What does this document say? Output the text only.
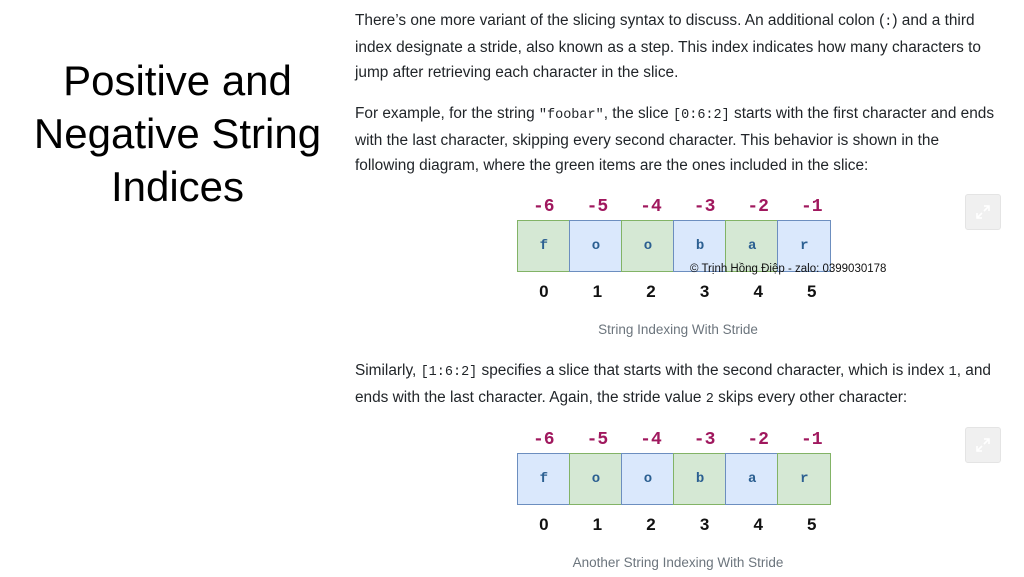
Positive and
Negative String
Indices

There’s one more variant of the slicing syntax to discuss. An additional colon (:) and a third index designate a stride, also known as a step. This index indicates how many characters to jump after retrieving each character in the slice.

For example, for the string "foobar", the slice [0:6:2] starts with the first character and ends with the last character, skipping every second character. This behavior is shown in the following diagram, where the green items are the ones included in the slice:

-6	-5	-4	-3	-2	-1
f	o	o	b	a	r
0	1	2	3	4	5
String Indexing With Stride
© Trịnh Hồng Điệp - zalo: 0399030178

Similarly, [1:6:2] specifies a slice that starts with the second character, which is index 1, and ends with the last character. Again, the stride value 2 skips every other character:

-6	-5	-4	-3	-2	-1
f	o	o	b	a	r
0	1	2	3	4	5
Another String Indexing With Stride
